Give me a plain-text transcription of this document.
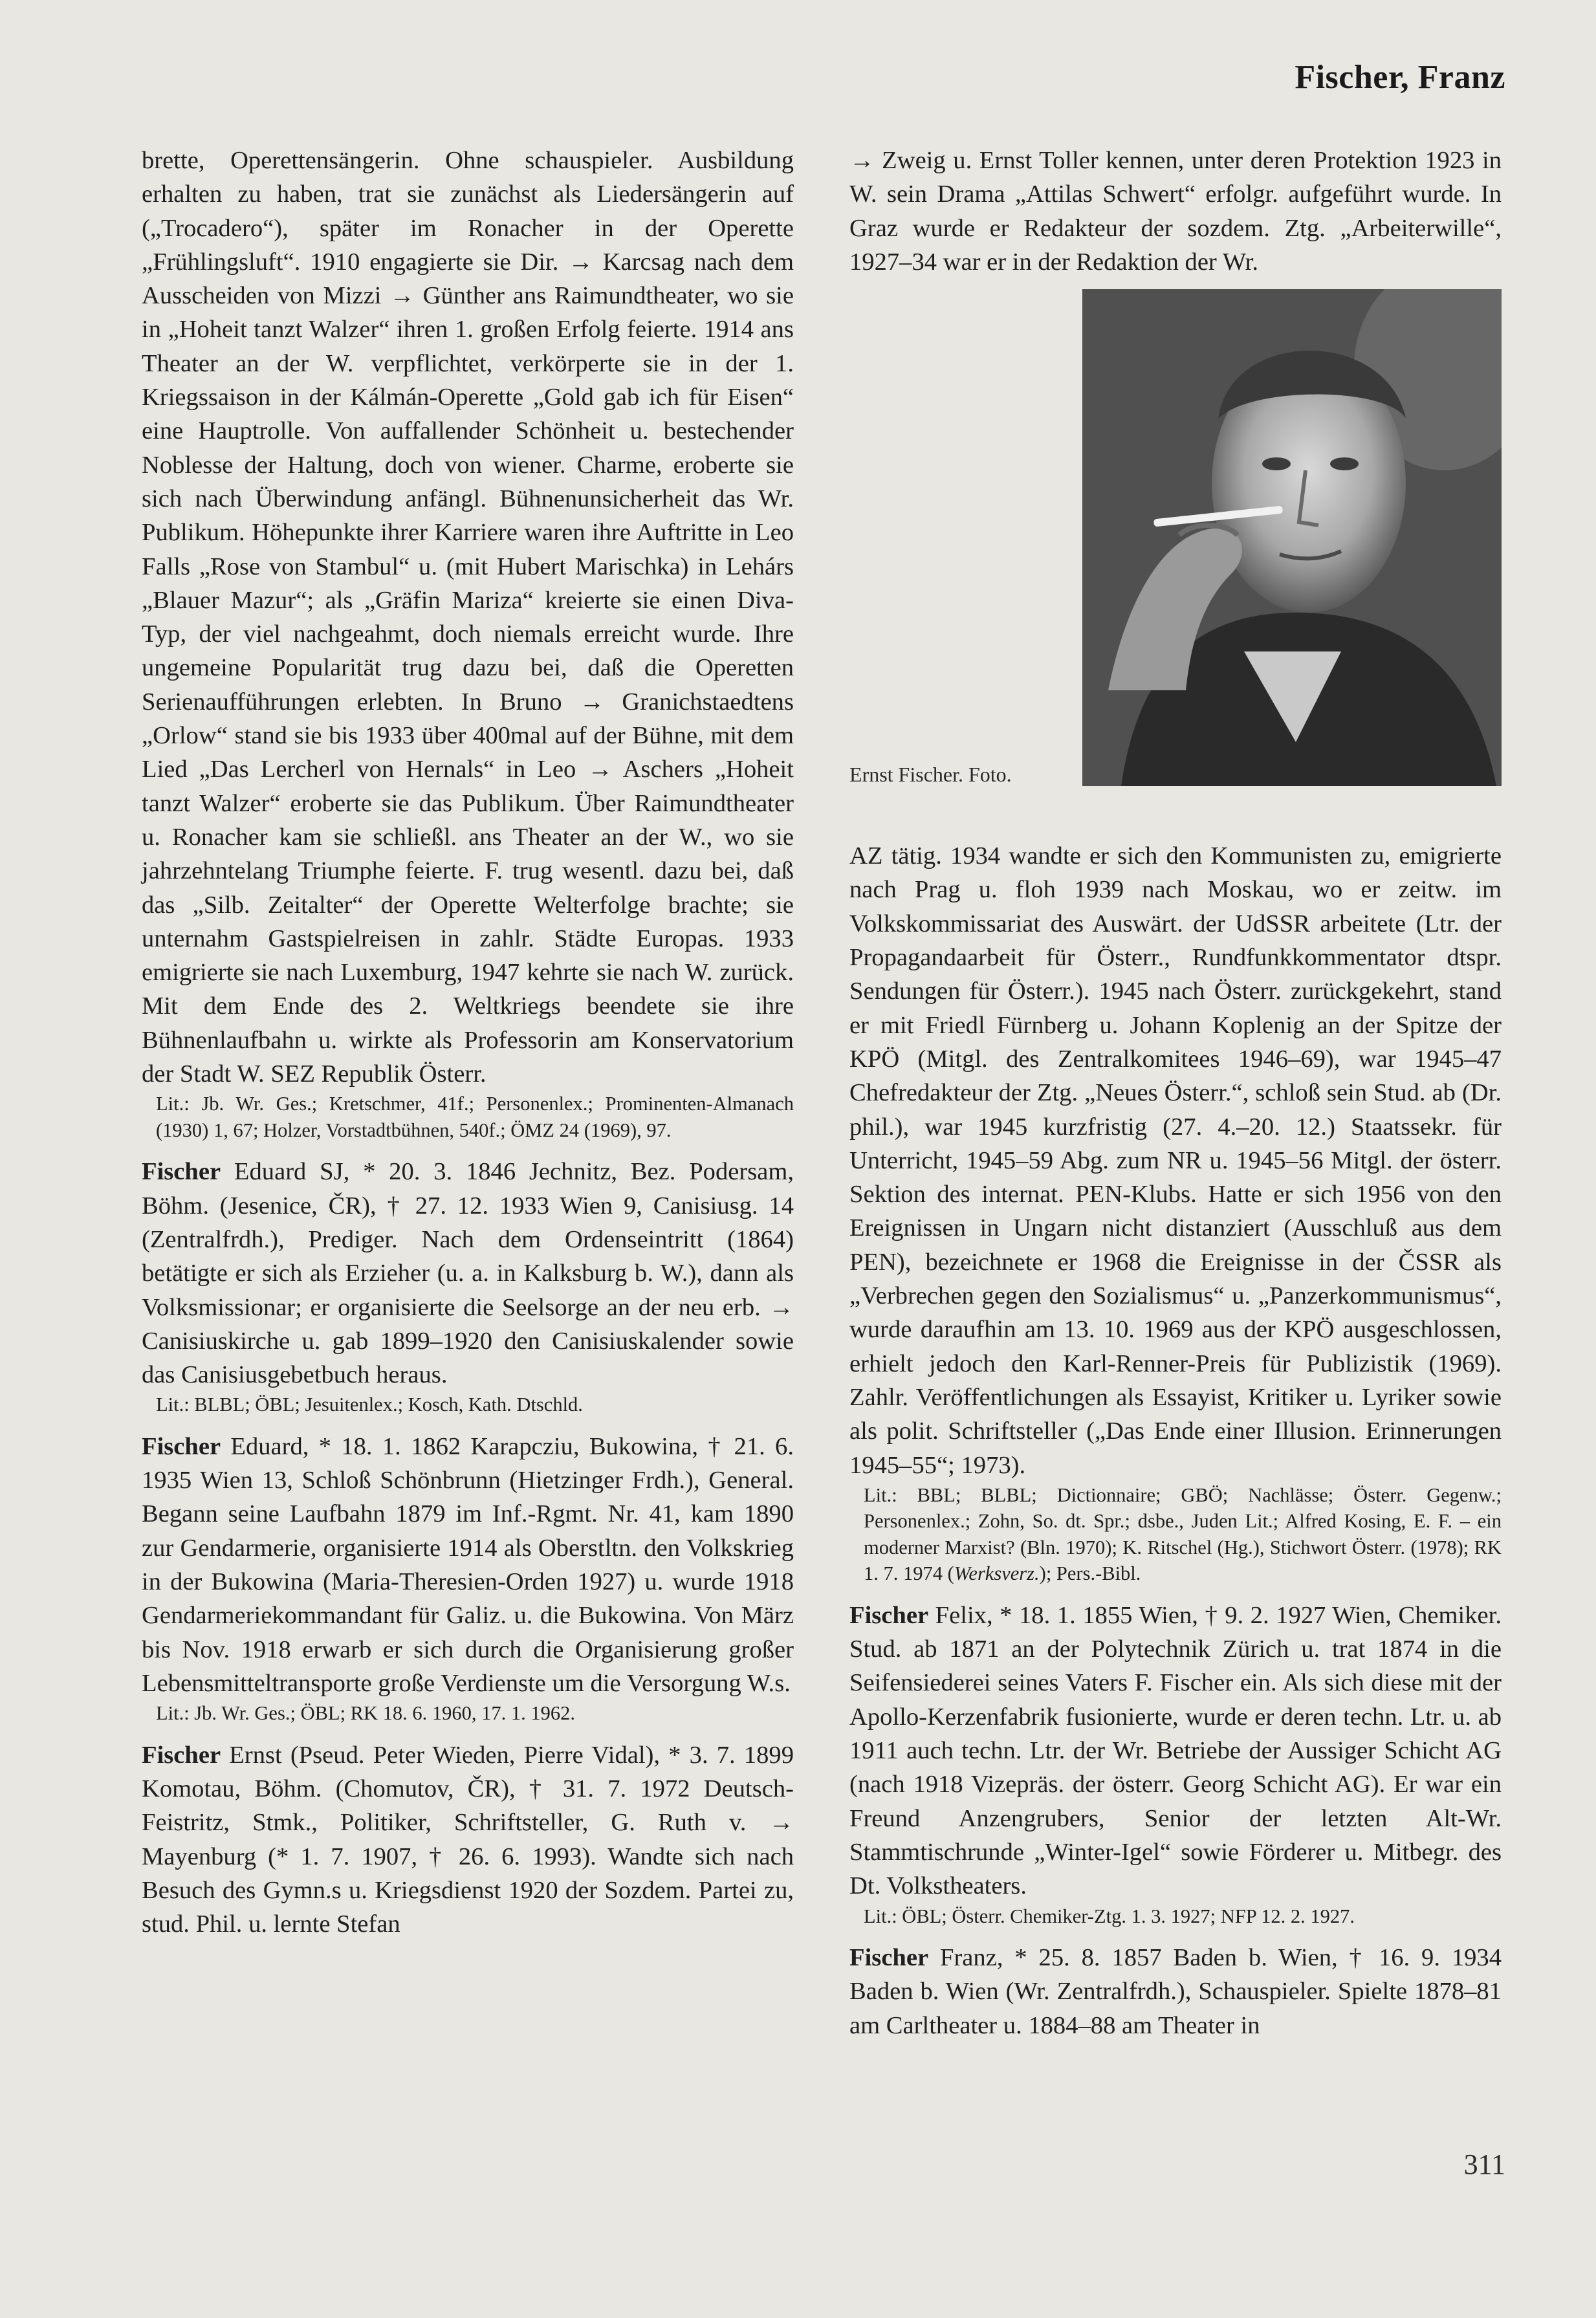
Fischer, Franz

brette, Operettensängerin. Ohne schauspieler. Ausbildung erhalten zu haben, trat sie zunächst als Liedersängerin auf („Trocadero“), später im Ronacher in der Operette „Frühlingsluft“. 1910 engagierte sie Dir. → Karcsag nach dem Ausscheiden von Mizzi → Günther ans Raimundtheater, wo sie in „Hoheit tanzt Walzer“ ihren 1. großen Erfolg feierte. 1914 ans Theater an der W. verpflichtet, verkörperte sie in der 1. Kriegssaison in der Kálmán-Operette „Gold gab ich für Eisen“ eine Hauptrolle. Von auffallender Schönheit u. bestechender Noblesse der Haltung, doch von wiener. Charme, eroberte sie sich nach Überwindung anfängl. Bühnenunsicherheit das Wr. Publikum. Höhepunkte ihrer Karriere waren ihre Auftritte in Leo Falls „Rose von Stambul“ u. (mit Hubert Marischka) in Lehárs „Blauer Mazur“; als „Gräfin Mariza“ kreierte sie einen Diva-Typ, der viel nachgeahmt, doch niemals erreicht wurde. Ihre ungemeine Popularität trug dazu bei, daß die Operetten Serienaufführungen erlebten. In Bruno → Granichstaedtens „Orlow“ stand sie bis 1933 über 400mal auf der Bühne, mit dem Lied „Das Lercherl von Hernals“ in Leo → Aschers „Hoheit tanzt Walzer“ eroberte sie das Publikum. Über Raimundtheater u. Ronacher kam sie schließl. ans Theater an der W., wo sie jahrzehntelang Triumphe feierte. F. trug wesentl. dazu bei, daß das „Silb. Zeitalter“ der Operette Welterfolge brachte; sie unternahm Gastspielreisen in zahlr. Städte Europas. 1933 emigrierte sie nach Luxemburg, 1947 kehrte sie nach W. zurück. Mit dem Ende des 2. Weltkriegs beendete sie ihre Bühnenlaufbahn u. wirkte als Professorin am Konservatorium der Stadt W. SEZ Republik Österr.

Lit.: Jb. Wr. Ges.; Kretschmer, 41f.; Personenlex.; Prominenten-Almanach (1930) 1, 67; Holzer, Vorstadtbühnen, 540f.; ÖMZ 24 (1969), 97.

Fischer Eduard SJ, * 20. 3. 1846 Jechnitz, Bez. Podersam, Böhm. (Jesenice, ČR), † 27. 12. 1933 Wien 9, Canisiusg. 14 (Zentralfrdh.), Prediger. Nach dem Ordenseintritt (1864) betätigte er sich als Erzieher (u. a. in Kalksburg b. W.), dann als Volksmissionar; er organisierte die Seelsorge an der neu erb. → Canisiuskirche u. gab 1899–1920 den Canisiuskalender sowie das Canisiusgebetbuch heraus.

Lit.: BLBL; ÖBL; Jesuitenlex.; Kosch, Kath. Dtschld.

Fischer Eduard, * 18. 1. 1862 Karapcziu, Bukowina, † 21. 6. 1935 Wien 13, Schloß Schönbrunn (Hietzinger Frdh.), General. Begann seine Laufbahn 1879 im Inf.-Rgmt. Nr. 41, kam 1890 zur Gendarmerie, organisierte 1914 als Oberstltn. den Volkskrieg in der Bukowina (Maria-Theresien-Orden 1927) u. wurde 1918 Gendarmeriekommandant für Galiz. u. die Bukowina. Von März bis Nov. 1918 erwarb er sich durch die Organisierung großer Lebensmitteltransporte große Verdienste um die Versorgung W.s.

Lit.: Jb. Wr. Ges.; ÖBL; RK 18. 6. 1960, 17. 1. 1962.

Fischer Ernst (Pseud. Peter Wieden, Pierre Vidal), * 3. 7. 1899 Komotau, Böhm. (Chomutov, ČR), † 31. 7. 1972 Deutsch-Feistritz, Stmk., Politiker, Schriftsteller, G. Ruth v. → Mayenburg (* 1. 7. 1907, † 26. 6. 1993). Wandte sich nach Besuch des Gymn.s u. Kriegsdienst 1920 der Sozdem. Partei zu, stud. Phil. u. lernte Stefan

→ Zweig u. Ernst Toller kennen, unter deren Protektion 1923 in W. sein Drama „Attilas Schwert“ erfolgr. aufgeführt wurde. In Graz wurde er Redakteur der sozdem. Ztg. „Arbeiterwille“, 1927–34 war er in der Redaktion der Wr.

Ernst Fischer. Foto.

AZ tätig. 1934 wandte er sich den Kommunisten zu, emigrierte nach Prag u. floh 1939 nach Moskau, wo er zeitw. im Volkskommissariat des Auswärt. der UdSSR arbeitete (Ltr. der Propagandaarbeit für Österr., Rundfunkkommentator dtspr. Sendungen für Österr.). 1945 nach Österr. zurückgekehrt, stand er mit Friedl Fürnberg u. Johann Koplenig an der Spitze der KPÖ (Mitgl. des Zentralkomitees 1946–69), war 1945–47 Chefredakteur der Ztg. „Neues Österr.“, schloß sein Stud. ab (Dr. phil.), war 1945 kurzfristig (27. 4.–20. 12.) Staatssekr. für Unterricht, 1945–59 Abg. zum NR u. 1945–56 Mitgl. der österr. Sektion des internat. PEN-Klubs. Hatte er sich 1956 von den Ereignissen in Ungarn nicht distanziert (Ausschluß aus dem PEN), bezeichnete er 1968 die Ereignisse in der ČSSR als „Verbrechen gegen den Sozialismus“ u. „Panzerkommunismus“, wurde daraufhin am 13. 10. 1969 aus der KPÖ ausgeschlossen, erhielt jedoch den Karl-Renner-Preis für Publizistik (1969). Zahlr. Veröffentlichungen als Essayist, Kritiker u. Lyriker sowie als polit. Schriftsteller („Das Ende einer Illusion. Erinnerungen 1945–55“; 1973).

Lit.: BBL; BLBL; Dictionnaire; GBÖ; Nachlässe; Österr. Gegenw.; Personenlex.; Zohn, So. dt. Spr.; dsbe., Juden Lit.; Alfred Kosing, E. F. – ein moderner Marxist? (Bln. 1970); K. Ritschel (Hg.), Stichwort Österr. (1978); RK 1. 7. 1974 (Werksverz.); Pers.-Bibl.

Fischer Felix, * 18. 1. 1855 Wien, † 9. 2. 1927 Wien, Chemiker. Stud. ab 1871 an der Polytechnik Zürich u. trat 1874 in die Seifensiederei seines Vaters F. Fischer ein. Als sich diese mit der Apollo-Kerzenfabrik fusionierte, wurde er deren techn. Ltr. u. ab 1911 auch techn. Ltr. der Wr. Betriebe der Aussiger Schicht AG (nach 1918 Vizepräs. der österr. Georg Schicht AG). Er war ein Freund Anzengrubers, Senior der letzten Alt-Wr. Stammtischrunde „Winter-Igel“ sowie Förderer u. Mitbegr. des Dt. Volkstheaters.

Lit.: ÖBL; Österr. Chemiker-Ztg. 1. 3. 1927; NFP 12. 2. 1927.

Fischer Franz, * 25. 8. 1857 Baden b. Wien, † 16. 9. 1934 Baden b. Wien (Wr. Zentralfrdh.), Schauspieler. Spielte 1878–81 am Carltheater u. 1884–88 am Theater in

311
